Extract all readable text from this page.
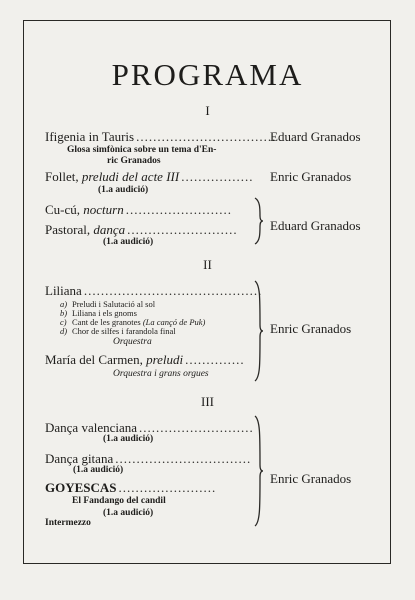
PROGRAMA
I
Ifigenia in Tauris .................................
Glosa simfònica sobre un tema d'En-
ric Granados
Eduard Granados
Follet, preludi del acte III .................
(1.a audició)
Enric Granados
Cu-cú, nocturn .........................
Pastoral, dança ..........................
(1.a audició)
Eduard Granados
II
Liliana ..........................................
a) Preludi i Salutació al sol
b) Liliana i els gnoms
c) Cant de les granotes (La cançó de Puk)
d) Chor de silfes i farandola final
Orquestra
María del Carmen, preludi ..............
Orquestra i grans orgues
Enric Granados
III
Dança valenciana ...........................
(1.a audició)
Dança gitana ................................
(1.a audició)
GOYESCAS .......................
El Fandango del candil
(1.a audició)
Intermezzo
Enric Granados
